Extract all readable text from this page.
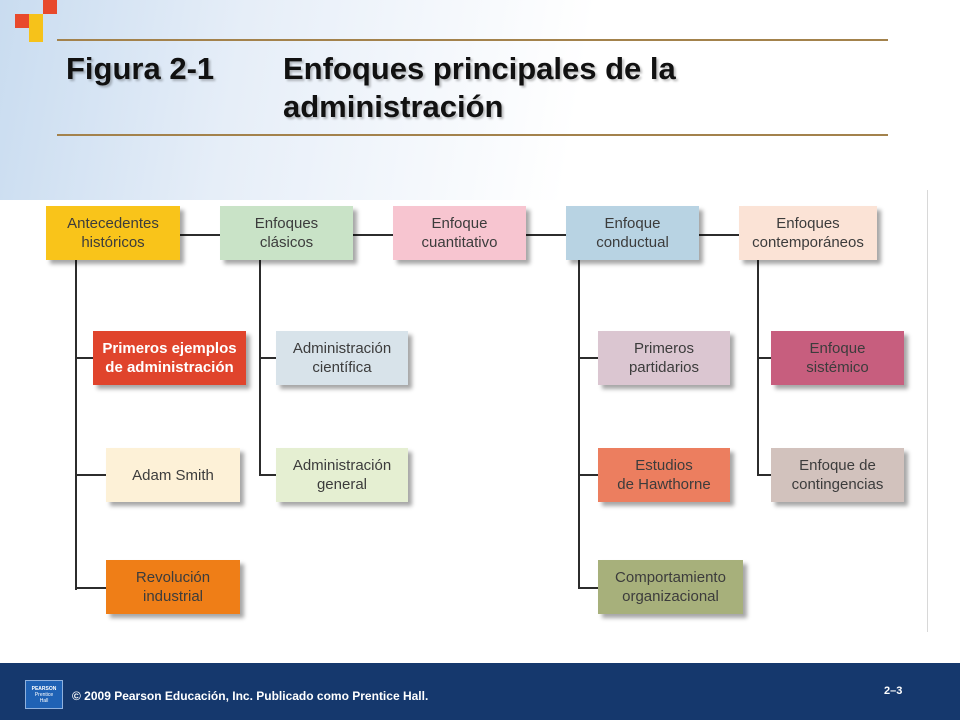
Figura 2-1 Enfoques principales de la administración
Antecedentes
históricos
Enfoques
clásicos
Enfoque
cuantitativo
Enfoque
conductual
Enfoques
contemporáneos
Primeros ejemplos
de administración
Adam Smith
Revolución
industrial
Administración
científica
Administración
general
Primeros
partidarios
Estudios
de Hawthorne
Comportamiento
organizacional
Enfoque
sistémico
Enfoque de
contingencias
PEARSON
Prentice
Hall © 2009 Pearson Educación, Inc. Publicado como Prentice Hall.	2–3
